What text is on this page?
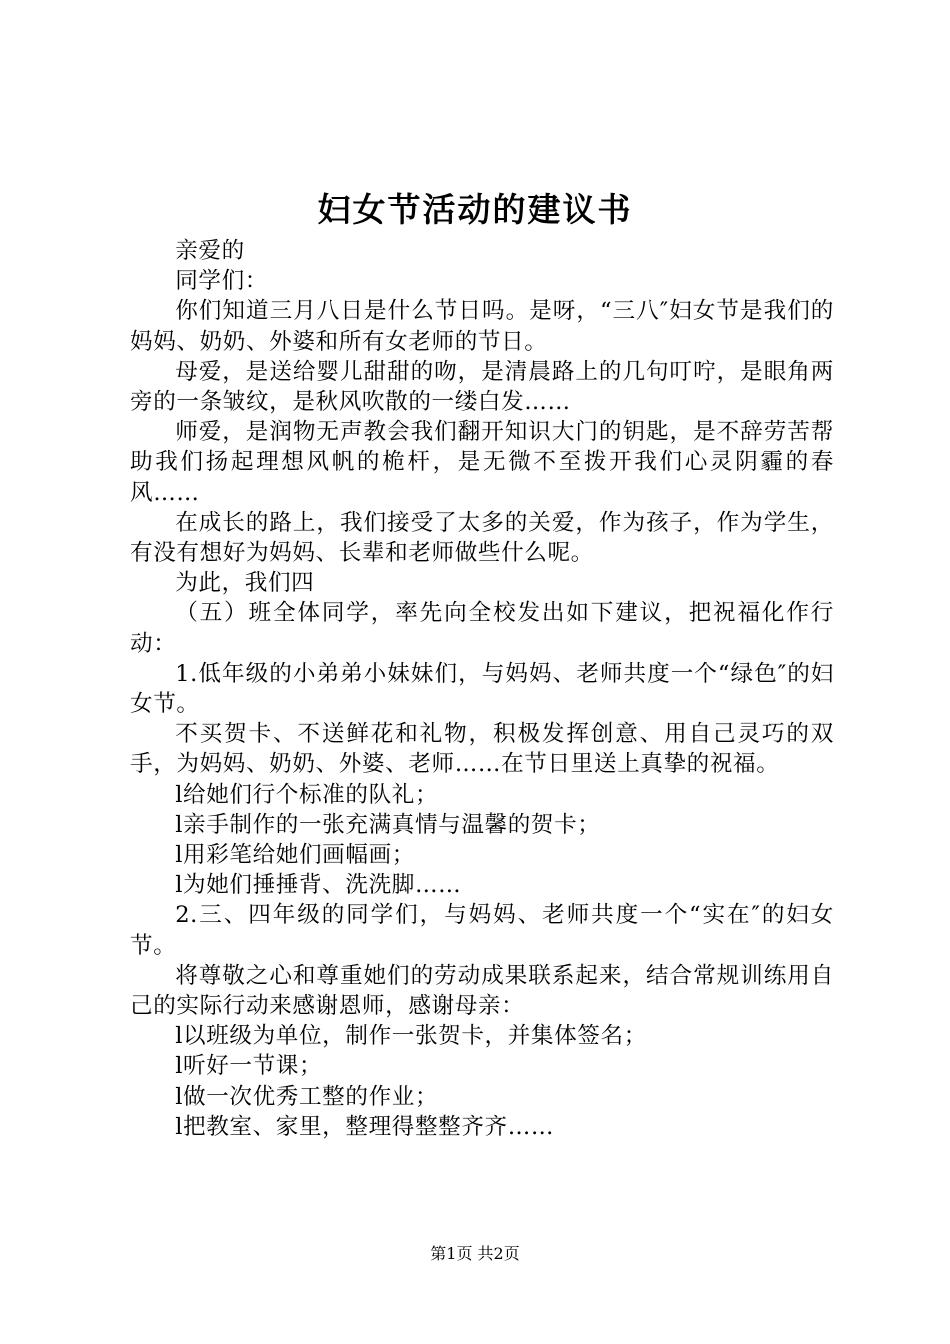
妇女节活动的建议书

亲爱的

同学们：

你们知道三月八日是什么节日吗。是呀，“三八″妇女节是我们的妈妈、奶奶、外婆和所有女老师的节日。

母爱，是送给婴儿甜甜的吻，是清晨路上的几句叮咛，是眼角两旁的一条皱纹，是秋风吹散的一缕白发……

师爱，是润物无声教会我们翻开知识大门的钥匙，是不辞劳苦帮助我们扬起理想风帆的桅杆，是无微不至拨开我们心灵阴霾的春风……

在成长的路上，我们接受了太多的关爱，作为孩子，作为学生，有没有想好为妈妈、长辈和老师做些什么呢。

为此，我们四

（五）班全体同学，率先向全校发出如下建议，把祝福化作行动：

1.低年级的小弟弟小妹妹们，与妈妈、老师共度一个“绿色″的妇女节。

不买贺卡、不送鲜花和礼物，积极发挥创意、用自己灵巧的双手，为妈妈、奶奶、外婆、老师……在节日里送上真挚的祝福。

l给她们行个标准的队礼；

l亲手制作的一张充满真情与温馨的贺卡；

l用彩笔给她们画幅画；

l为她们捶捶背、洗洗脚……

2.三、四年级的同学们，与妈妈、老师共度一个“实在″的妇女节。

将尊敬之心和尊重她们的劳动成果联系起来，结合常规训练用自己的实际行动来感谢恩师，感谢母亲：

l以班级为单位，制作一张贺卡，并集体签名；

l听好一节课；

l做一次优秀工整的作业；

l把教室、家里，整理得整整齐齐……

第1页 共2页
